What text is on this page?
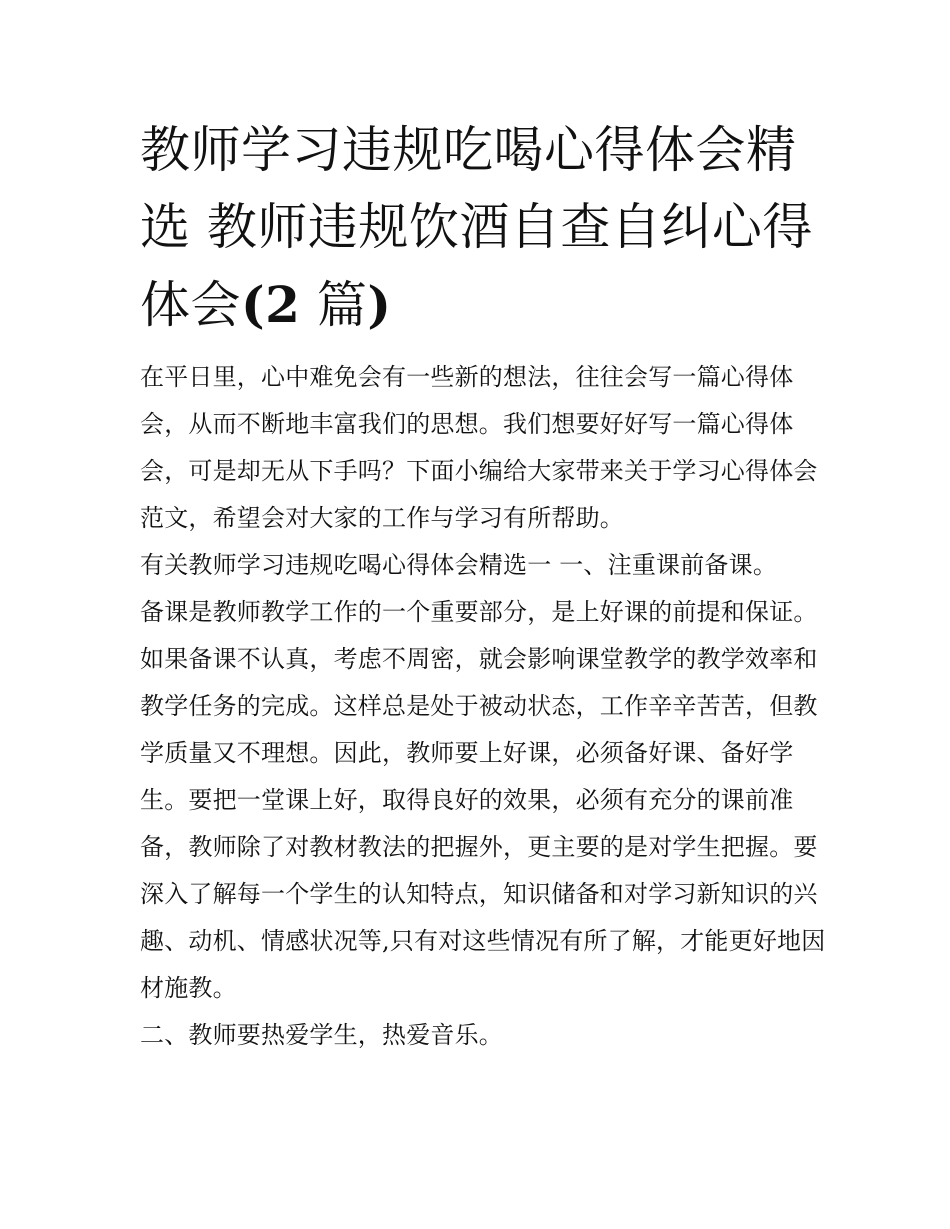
教师学习违规吃喝心得体会精
选 教师违规饮酒自查自纠心得
体会(2 篇)

在平日里，心中难免会有一些新的想法，往往会写一篇心得体会，从而不断地丰富我们的思想。我们想要好好写一篇心得体会，可是却无从下手吗？下面小编给大家带来关于学习心得体会范文，希望会对大家的工作与学习有所帮助。

有关教师学习违规吃喝心得体会精选一 一、注重课前备课。

备课是教师教学工作的一个重要部分，是上好课的前提和保证。如果备课不认真，考虑不周密，就会影响课堂教学的教学效率和教学任务的完成。这样总是处于被动状态，工作辛辛苦苦，但教学质量又不理想。因此，教师要上好课，必须备好课、备好学生。要把一堂课上好，取得良好的效果，必须有充分的课前准备，教师除了对教材教法的把握外，更主要的是对学生把握。要深入了解每一个学生的认知特点，知识储备和对学习新知识的兴趣、动机、情感状况等,只有对这些情况有所了解，才能更好地因材施教。

二、教师要热爱学生，热爱音乐。
